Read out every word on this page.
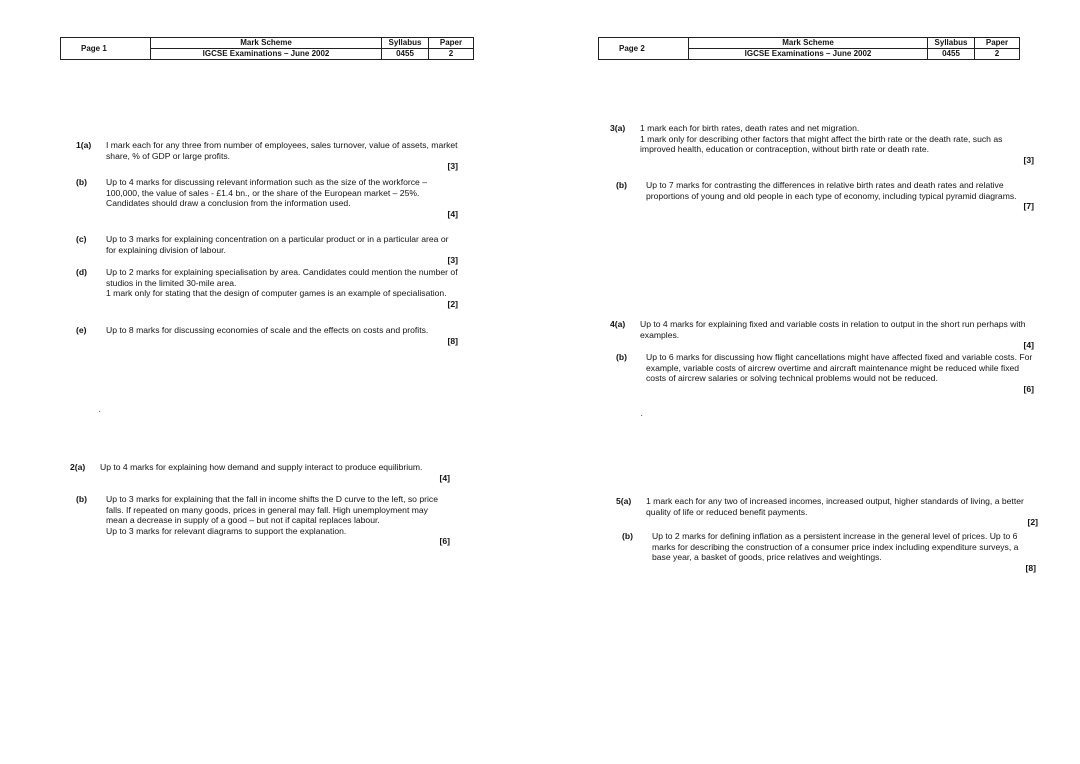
Page 1	Mark Scheme	Syllabus	Paper
	IGCSE Examinations – June 2002	0455	2
1(a)	I mark each for any three from number of employees, sales turnover, value of assets, market share, % of GDP or large profits.
[3]
(b)	Up to 4 marks for discussing relevant information such as the size of the workforce – 100,000, the value of sales - £1.4 bn., or the share of the European market – 25%. Candidates should draw a conclusion from the information used.
[4]
(c)	Up to 3 marks for explaining concentration on a particular product or in a particular area or for explaining division of labour.
[3]
(d)	Up to 2 marks for explaining specialisation by area. Candidates could mention the number of studios in the limited 30-mile area.
1 mark only for stating that the design of computer games is an example of specialisation.
[2]
(e)	Up to 8 marks for discussing economies of scale and the effects on costs and profits.
[8]
·
2(a)	Up to 4 marks for explaining how demand and supply interact to produce equilibrium.
[4]
(b)	Up to 3 marks for explaining that the fall in income shifts the D curve to the left, so price falls. If repeated on many goods, prices in general may fall. High unemployment may mean a decrease in supply of a good – but not if capital replaces labour.
Up to 3 marks for relevant diagrams to support the explanation.
[6]
Page 2	Mark Scheme	Syllabus	Paper
	IGCSE Examinations – June 2002	0455	2
3(a)	1 mark each for birth rates, death rates and net migration.
1 mark only for describing other factors that might affect the birth rate or the death rate, such as improved health, education or contraception, without birth rate or death rate.
[3]
(b)	Up to 7 marks for contrasting the differences in relative birth rates and death rates and relative proportions of young and old people in each type of economy, including typical pyramid diagrams.
[7]
4(a)	Up to 4 marks for explaining fixed and variable costs in relation to output in the short run perhaps with examples.
[4]
(b)	Up to 6 marks for discussing how flight cancellations might have affected fixed and variable costs. For example, variable costs of aircrew overtime and aircraft maintenance might be reduced while fixed costs of aircrew salaries or solving technical problems would not be reduced.
[6]
·
5(a)	1 mark each for any two of increased incomes, increased output, higher standards of living, a better quality of life or reduced benefit payments.
[2]
(b)	Up to 2 marks for defining inflation as a persistent increase in the general level of prices. Up to 6 marks for describing the construction of a consumer price index including expenditure surveys, a base year, a basket of goods, price relatives and weightings.
[8]
